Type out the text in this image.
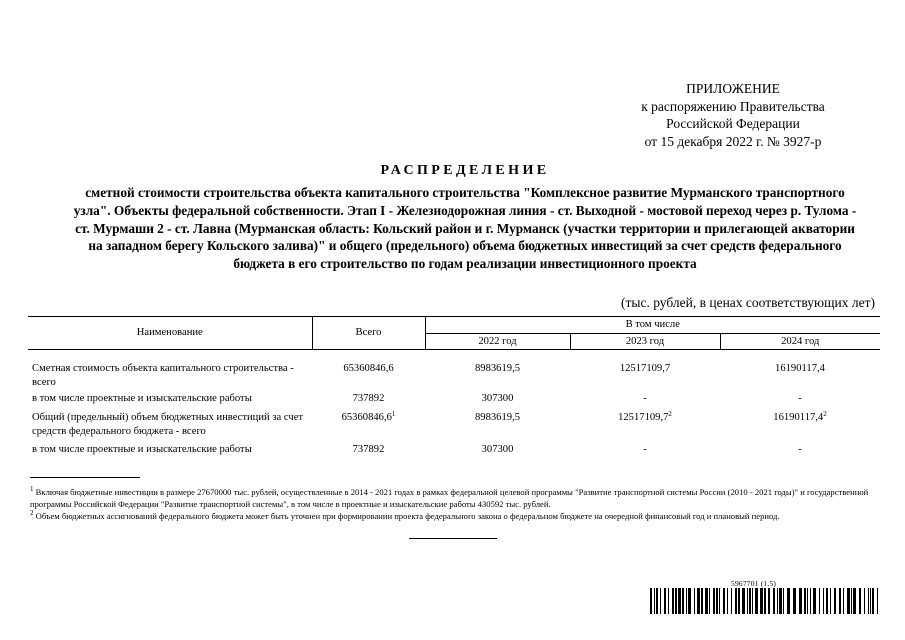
ПРИЛОЖЕНИЕ
к распоряжению Правительства
Российской Федерации
от 15 декабря 2022 г. № 3927-р
РАСПРЕДЕЛЕНИЕ
сметной стоимости строительства объекта капитального строительства "Комплексное развитие Мурманского транспортного узла". Объекты федеральной собственности. Этап I - Железнодорожная линия - ст. Выходной - мостовой переход через р. Тулома - ст. Мурмаши 2 - ст. Лавна (Мурманская область: Кольский район и г. Мурманск (участки территории и прилегающей акватории на западном берегу Кольского залива)" и общего (предельного) объема бюджетных инвестиций за счет средств федерального бюджета в его строительство по годам реализации инвестиционного проекта
(тыс. рублей, в ценах соответствующих лет)
Наименование	Всего	В том числе		
		2022 год	2023 год	2024 год

Сметная стоимость объекта капитального строительства - всего	65360846,6	8983619,5	12517109,7	16190117,4
в том числе проектные и изыскательские работы	737892	307300	-	-
Общий (предельный) объем бюджетных инвестиций за счет средств федерального бюджета - всего	65360846,6$^1$	8983619,5	12517109,7$^2$	16190117,4$^2$
в том числе проектные и изыскательские работы	737892	307300	-	-

$^1$ Включая бюджетные инвестиции в размере 27670000 тыс. рублей, осуществленные в 2014 - 2021 годах в рамках федеральной целевой программы "Развитие транспортной системы России (2010 - 2021 годы)" и государственной программы Российской Федерации "Развитие транспортной системы", в том числе в проектные и изыскательские работы 430592 тыс. рублей.

$^2$ Объем бюджетных ассигнований федерального бюджета может быть уточнен при формировании проекта федерального закона о федеральном бюджете на очередной финансовый год и плановый период.

5967701 (1.5)
